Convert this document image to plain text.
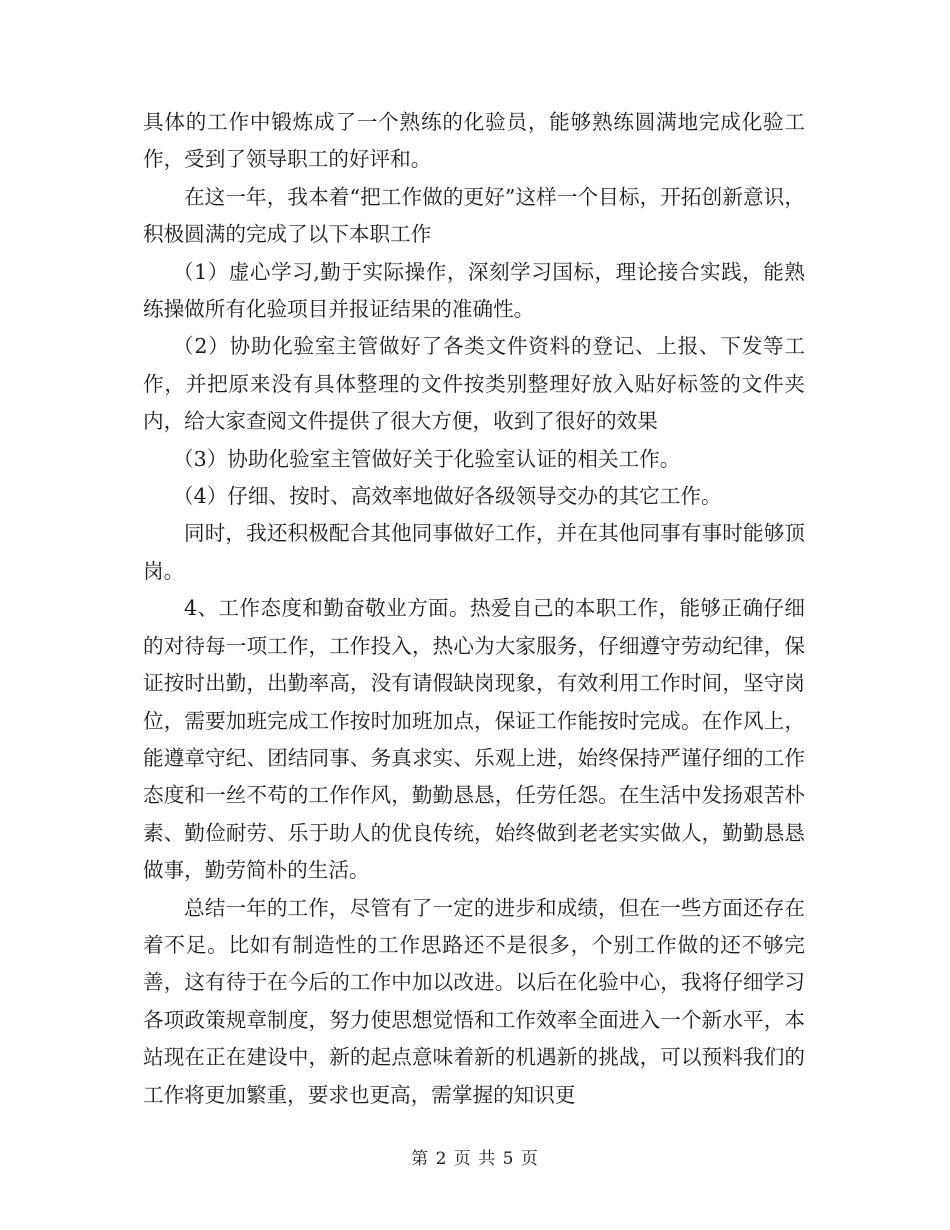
具体的工作中锻炼成了一个熟练的化验员，能够熟练圆满地完成化验工作，受到了领导职工的好评和。

在这一年，我本着“把工作做的更好”这样一个目标，开拓创新意识，积极圆满的完成了以下本职工作

（1）虚心学习,勤于实际操作，深刻学习国标，理论接合实践，能熟练操做所有化验项目并报证结果的准确性。

（2）协助化验室主管做好了各类文件资料的登记、上报、下发等工作，并把原来没有具体整理的文件按类别整理好放入贴好标签的文件夹内，给大家查阅文件提供了很大方便，收到了很好的效果

（3）协助化验室主管做好关于化验室认证的相关工作。

（4）仔细、按时、高效率地做好各级领导交办的其它工作。

同时，我还积极配合其他同事做好工作，并在其他同事有事时能够顶岗。

4、工作态度和勤奋敬业方面。热爱自己的本职工作，能够正确仔细的对待每一项工作，工作投入，热心为大家服务，仔细遵守劳动纪律，保证按时出勤，出勤率高，没有请假缺岗现象，有效利用工作时间，坚守岗位，需要加班完成工作按时加班加点，保证工作能按时完成。在作风上，能遵章守纪、团结同事、务真求实、乐观上进，始终保持严谨仔细的工作态度和一丝不苟的工作作风，勤勤恳恳，任劳任怨。在生活中发扬艰苦朴素、勤俭耐劳、乐于助人的优良传统，始终做到老老实实做人，勤勤恳恳做事，勤劳简朴的生活。

总结一年的工作，尽管有了一定的进步和成绩，但在一些方面还存在着不足。比如有制造性的工作思路还不是很多，个别工作做的还不够完善，这有待于在今后的工作中加以改进。以后在化验中心，我将仔细学习各项政策规章制度，努力使思想觉悟和工作效率全面进入一个新水平，本站现在正在建设中，新的起点意味着新的机遇新的挑战，可以预料我们的工作将更加繁重，要求也更高，需掌握的知识更

第 2 页 共 5 页
